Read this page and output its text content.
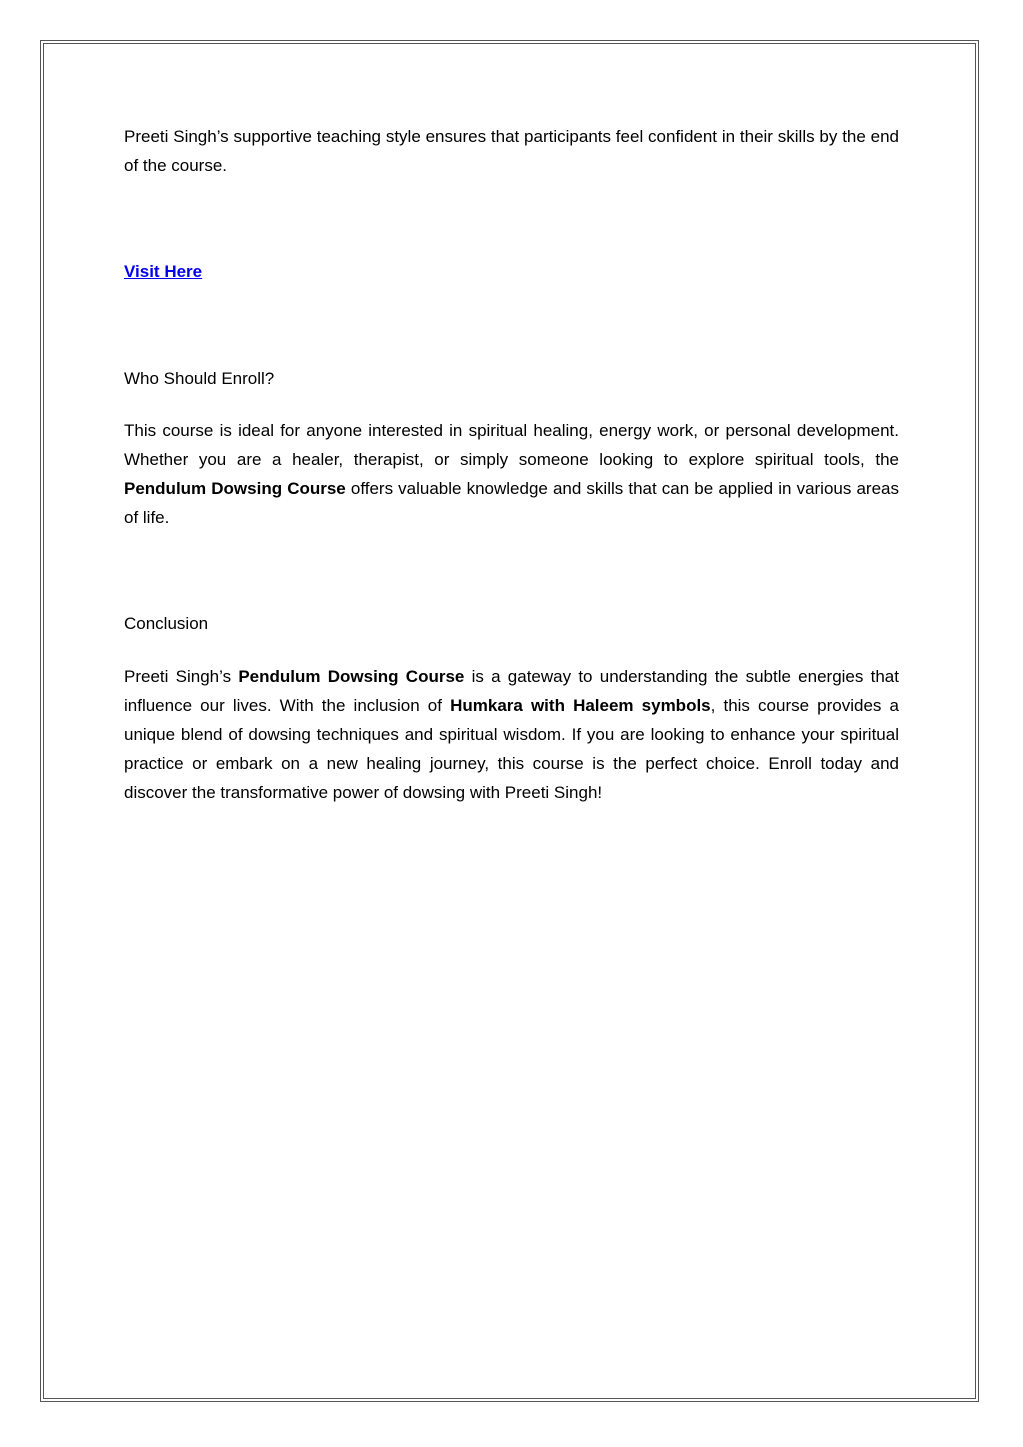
Preeti Singh’s supportive teaching style ensures that participants feel confident in their skills by the end of the course.

Visit Here

Who Should Enroll?

This course is ideal for anyone interested in spiritual healing, energy work, or personal development. Whether you are a healer, therapist, or simply someone looking to explore spiritual tools, the Pendulum Dowsing Course offers valuable knowledge and skills that can be applied in various areas of life.

Conclusion

Preeti Singh’s Pendulum Dowsing Course is a gateway to understanding the subtle energies that influence our lives. With the inclusion of Humkara with Haleem symbols, this course provides a unique blend of dowsing techniques and spiritual wisdom. If you are looking to enhance your spiritual practice or embark on a new healing journey, this course is the perfect choice. Enroll today and discover the transformative power of dowsing with Preeti Singh!
